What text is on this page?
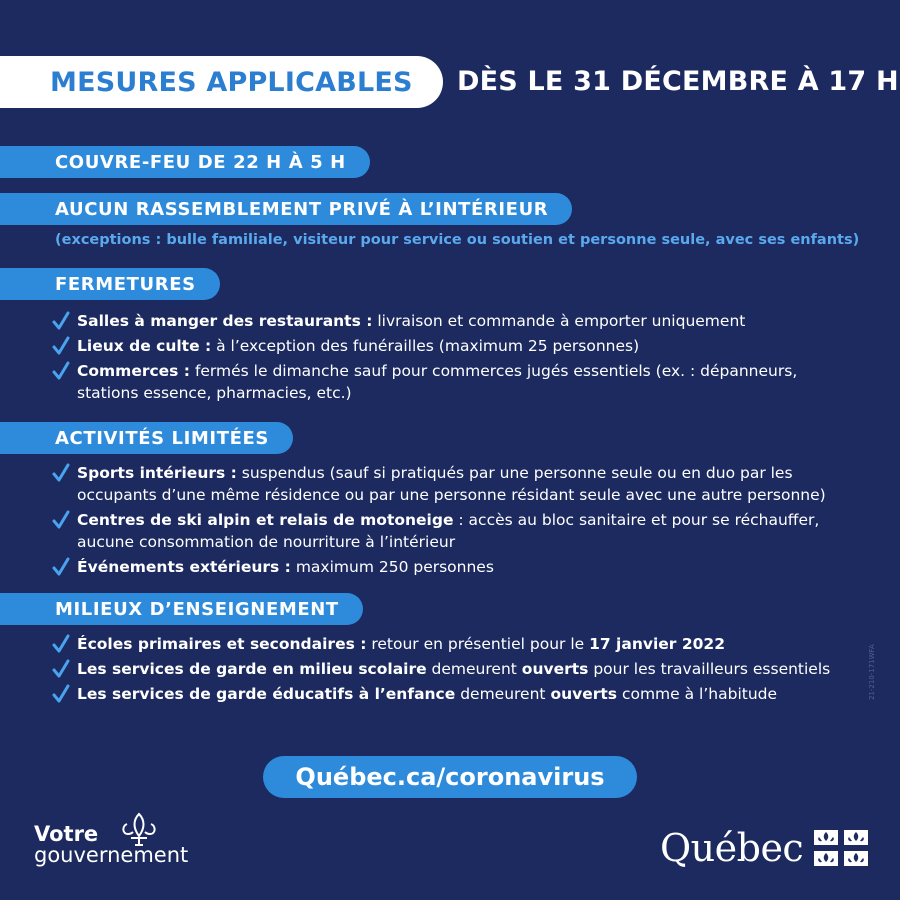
MESURES APPLICABLES DÈS LE 31 DÉCEMBRE À 17 H
COUVRE-FEU DE 22 H À 5 H
AUCUN RASSEMBLEMENT PRIVÉ À L’INTÉRIEUR
(exceptions : bulle familiale, visiteur pour service ou soutien et personne seule, avec ses enfants)
FERMETURES
Salles à manger des restaurants : livraison et commande à emporter uniquement
Lieux de culte : à l’exception des funérailles (maximum 25 personnes)
Commerces : fermés le dimanche sauf pour commerces jugés essentiels (ex. : dépanneurs, stations essence, pharmacies, etc.)
ACTIVITÉS LIMITÉES
Sports intérieurs : suspendus (sauf si pratiqués par une personne seule ou en duo par les occupants d’une même résidence ou par une personne résidant seule avec une autre personne)
Centres de ski alpin et relais de motoneige : accès au bloc sanitaire et pour se réchauffer, aucune consommation de nourriture à l’intérieur
Événements extérieurs : maximum 250 personnes
MILIEUX D’ENSEIGNEMENT
Écoles primaires et secondaires : retour en présentiel pour le 17 janvier 2022
Les services de garde en milieu scolaire demeurent ouverts pour les travailleurs essentiels
Les services de garde éducatifs à l’enfance demeurent ouverts comme à l’habitude
Québec.ca/coronavirus
21-210-171WFA
Votre
gouvernement	Québec
